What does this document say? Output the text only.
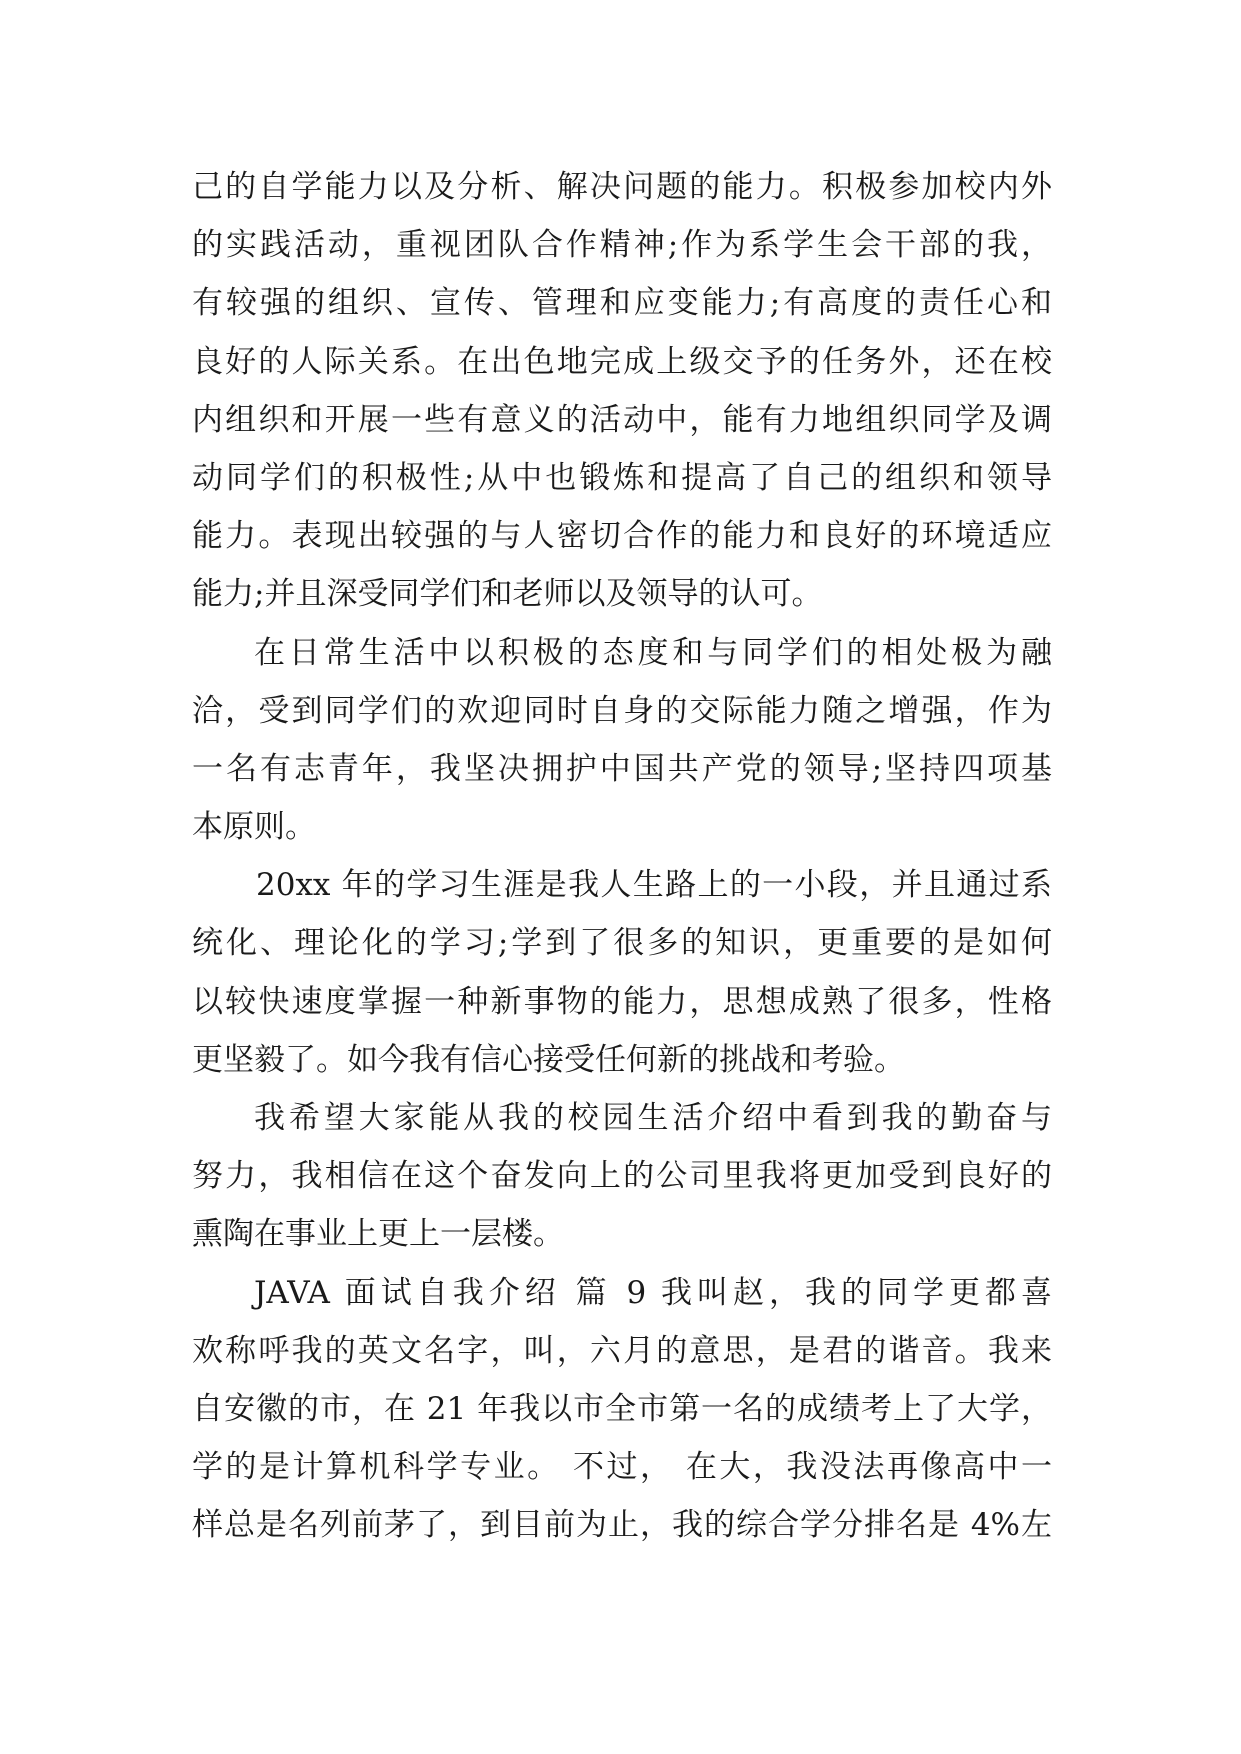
己的自学能力以及分析、解决问题的能力。积极参加校内外
的实践活动，重视团队合作精神;作为系学生会干部的我，
有较强的组织、宣传、管理和应变能力;有高度的责任心和
良好的人际关系。在出色地完成上级交予的任务外，还在校
内组织和开展一些有意义的活动中，能有力地组织同学及调
动同学们的积极性;从中也锻炼和提高了自己的组织和领导
能力。表现出较强的与人密切合作的能力和良好的环境适应
能力;并且深受同学们和老师以及领导的认可。
在日常生活中以积极的态度和与同学们的相处极为融
洽，受到同学们的欢迎同时自身的交际能力随之增强，作为
一名有志青年，我坚决拥护中国共产党的领导;坚持四项基
本原则。
20xx 年的学习生涯是我人生路上的一小段，并且通过系
统化、理论化的学习;学到了很多的知识，更重要的是如何
以较快速度掌握一种新事物的能力，思想成熟了很多，性格
更坚毅了。如今我有信心接受任何新的挑战和考验。
我希望大家能从我的校园生活介绍中看到我的勤奋与
努力，我相信在这个奋发向上的公司里我将更加受到良好的
熏陶在事业上更上一层楼。
JAVA 面试自我介绍 篇 9 我叫赵，我的同学更都喜
欢称呼我的英文名字，叫，六月的意思，是君的谐音。我来
自安徽的市，在 21 年我以市全市第一名的成绩考上了大学，
学的是计算机科学专业。 不过， 在大，我没法再像高中一
样总是名列前茅了，到目前为止，我的综合学分排名是 4%左
